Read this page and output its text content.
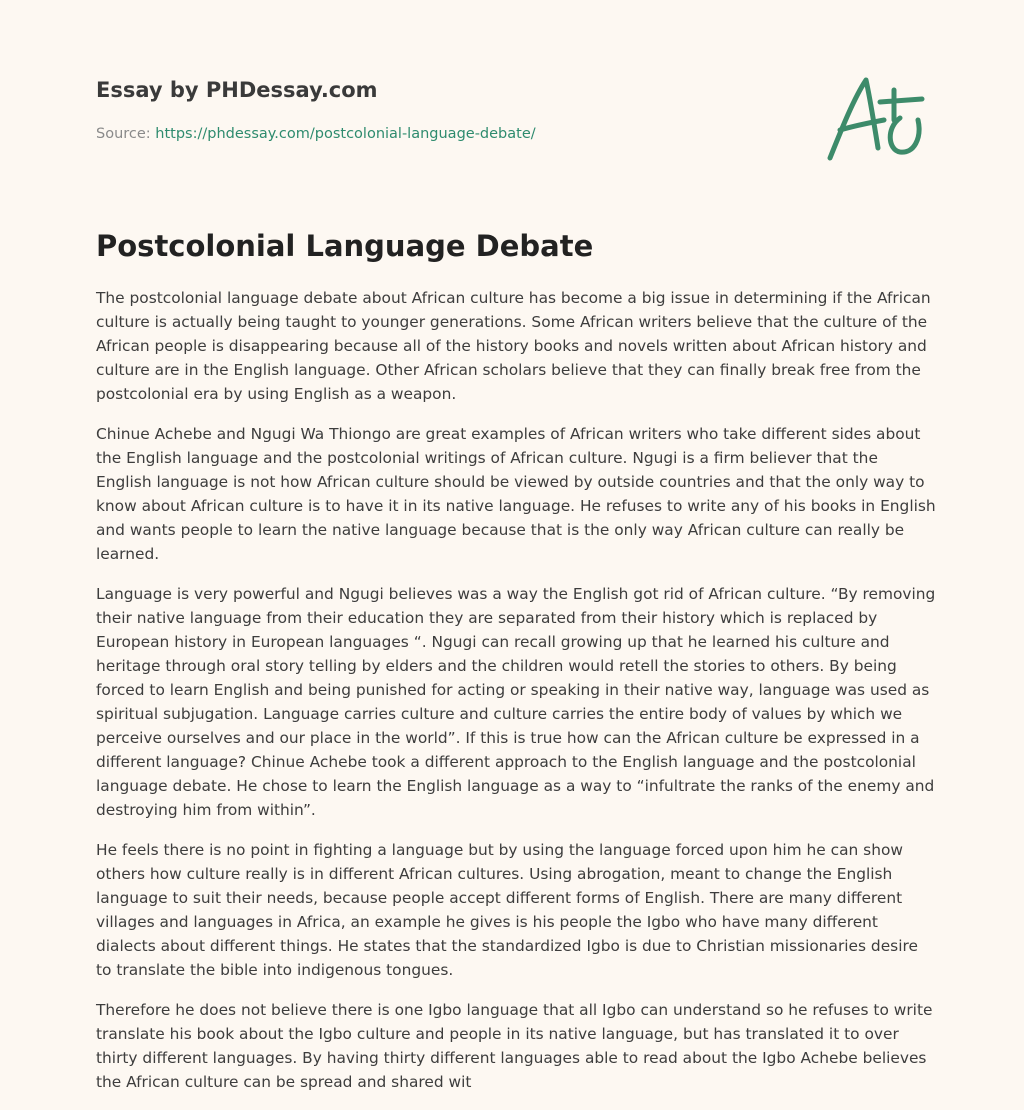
Essay by PHDessay.com

Source: https://phdessay.com/postcolonial-language-debate/
Postcolonial Language Debate

The postcolonial language debate about African culture has become a big issue in determining if the African culture is actually being taught to younger generations. Some African writers believe that the culture of the African people is disappearing because all of the history books and novels written about African history and culture are in the English language. Other African scholars believe that they can finally break free from the postcolonial era by using English as a weapon.

Chinue Achebe and Ngugi Wa Thiongo are great examples of African writers who take different sides about the English language and the postcolonial writings of African culture. Ngugi is a firm believer that the English language is not how African culture should be viewed by outside countries and that the only way to know about African culture is to have it in its native language. He refuses to write any of his books in English and wants people to learn the native language because that is the only way African culture can really be learned.

Language is very powerful and Ngugi believes was a way the English got rid of African culture. “By removing their native language from their education they are separated from their history which is replaced by European history in European languages “. Ngugi can recall growing up that he learned his culture and heritage through oral story telling by elders and the children would retell the stories to others. By being forced to learn English and being punished for acting or speaking in their native way, language was used as spiritual subjugation. Language carries culture and culture carries the entire body of values by which we perceive ourselves and our place in the world”. If this is true how can the African culture be expressed in a different language? Chinue Achebe took a different approach to the English language and the postcolonial language debate. He chose to learn the English language as a way to “infultrate the ranks of the enemy and destroying him from within”.

He feels there is no point in fighting a language but by using the language forced upon him he can show others how culture really is in different African cultures. Using abrogation, meant to change the English language to suit their needs, because people accept different forms of English. There are many different villages and languages in Africa, an example he gives is his people the Igbo who have many different dialects about different things. He states that the standardized Igbo is due to Christian missionaries desire to translate the bible into indigenous tongues.

Therefore he does not believe there is one Igbo language that all Igbo can understand so he refuses to write translate his book about the Igbo culture and people in its native language, but has translated it to over thirty different languages. By having thirty different languages able to read about the Igbo Achebe believes the African culture can be spread and shared wit
